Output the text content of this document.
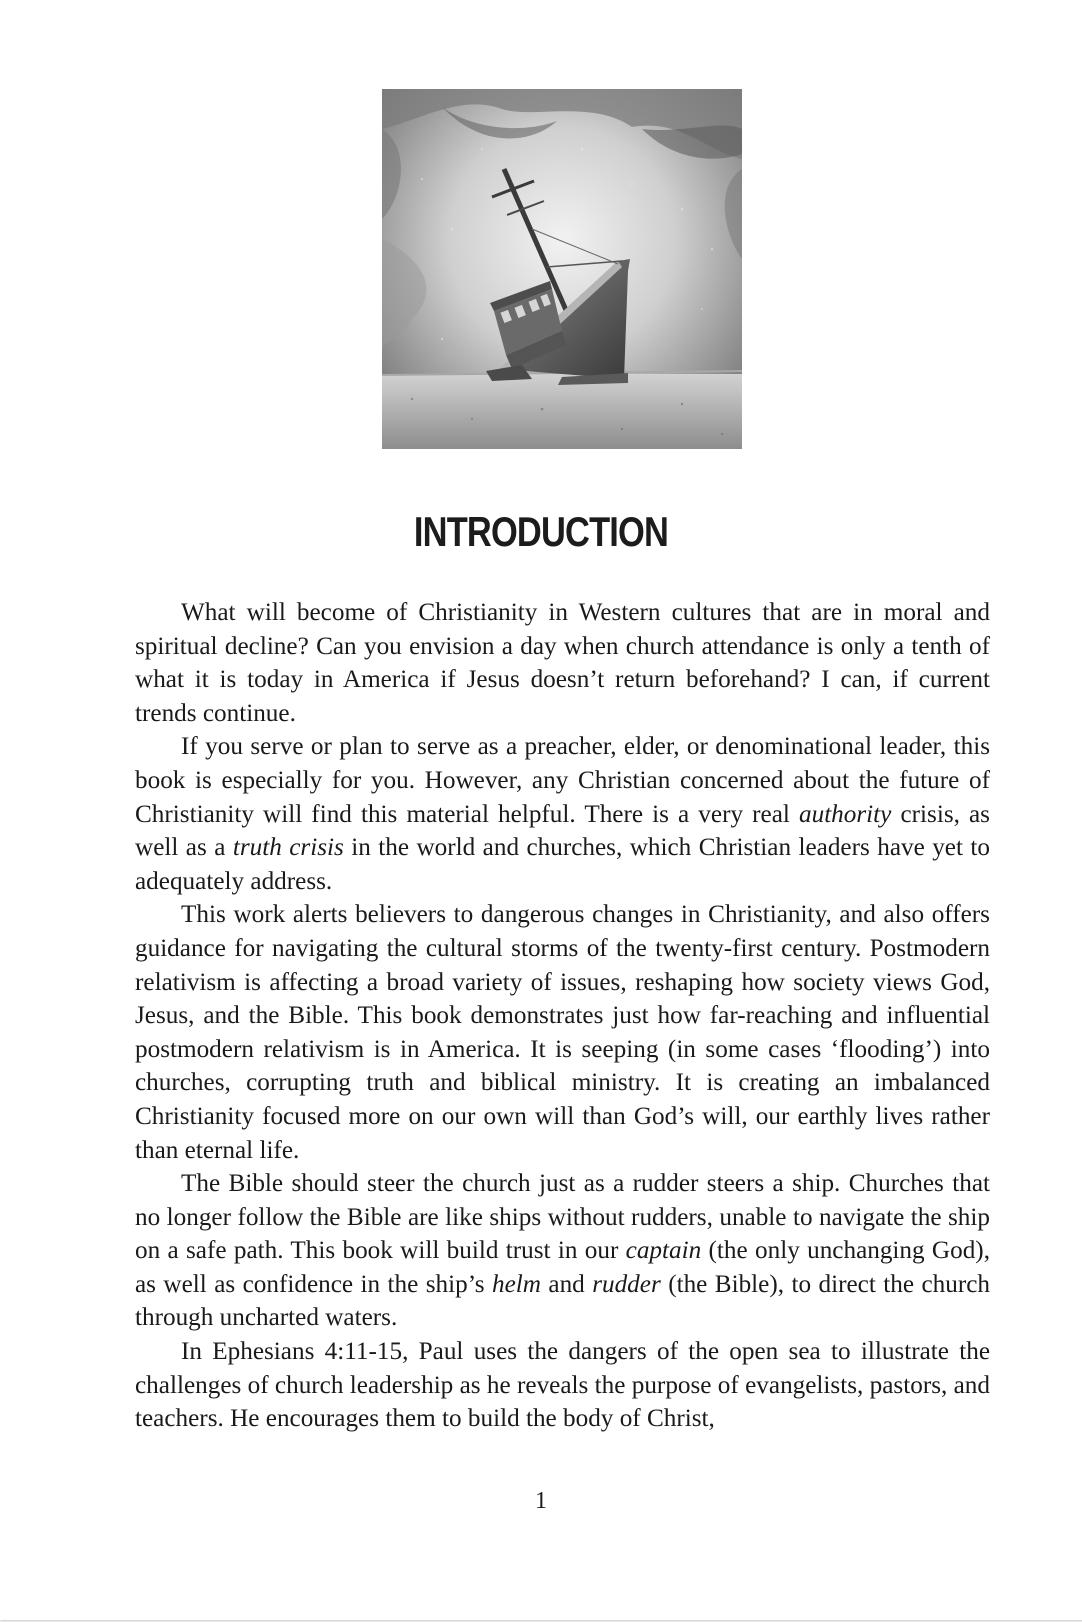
INTRODUCTION

What will become of Christianity in Western cultures that are in moral and spiritual decline? Can you envision a day when church attendance is only a tenth of what it is today in America if Jesus doesn’t return beforehand? I can, if current trends continue.

If you serve or plan to serve as a preacher, elder, or denominational leader, this book is especially for you. However, any Christian concerned about the future of Christianity will find this material helpful. There is a very real authority crisis, as well as a truth crisis in the world and churches, which Christian leaders have yet to adequately address.

This work alerts believers to dangerous changes in Christianity, and also offers guidance for navigating the cultural storms of the twenty-first century. Postmodern relativism is affecting a broad variety of issues, reshaping how society views God, Jesus, and the Bible. This book demonstrates just how far-reaching and influential postmodern relativism is in America. It is seeping (in some cases ‘flooding’) into churches, corrupting truth and biblical ministry. It is creating an imbalanced Christianity focused more on our own will than God’s will, our earthly lives rather than eternal life.

The Bible should steer the church just as a rudder steers a ship. Churches that no longer follow the Bible are like ships without rudders, unable to navigate the ship on a safe path. This book will build trust in our captain (the only unchanging God), as well as confidence in the ship’s helm and rudder (the Bible), to direct the church through uncharted waters.

In Ephesians 4:11-15, Paul uses the dangers of the open sea to illustrate the challenges of church leadership as he reveals the purpose of evangelists, pastors, and teachers. He encourages them to build the body of Christ,

1
